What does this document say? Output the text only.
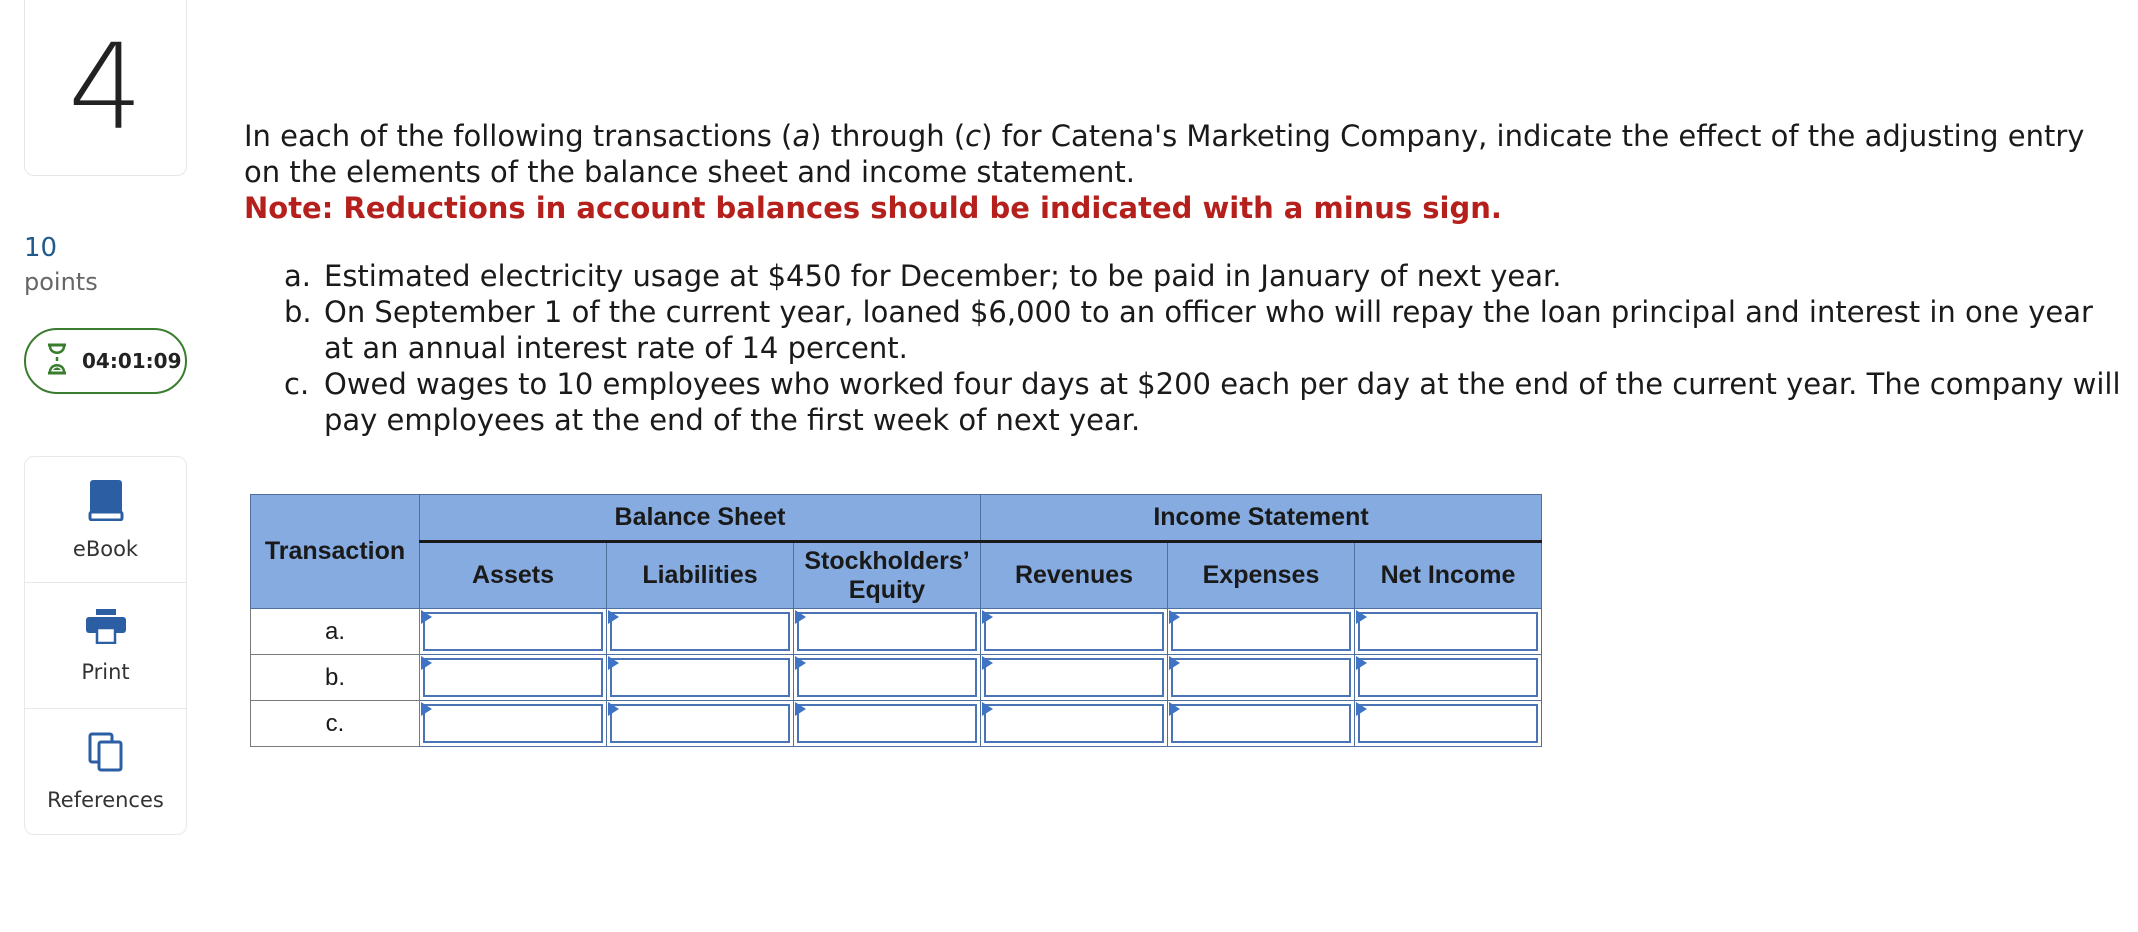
4
10
points
04:01:09
eBook
Print
References
In each of the following transactions (a) through (c) for Catena's Marketing Company, indicate the effect of the adjusting entry on the elements of the balance sheet and income statement.
Note: Reductions in account balances should be indicated with a minus sign.
a. Estimated electricity usage at $450 for December; to be paid in January of next year.
b. On September 1 of the current year, loaned $6,000 to an officer who will repay the loan principal and interest in one year at an annual interest rate of 14 percent.
c. Owed wages to 10 employees who worked four days at $200 each per day at the end of the current year. The company will pay employees at the end of the first week of next year.
Transaction	Balance Sheet			Income Statement		
	Assets	Liabilities	Stockholders’ Equity	Revenues	Expenses	Net Income
a.	

b.	

c.	
